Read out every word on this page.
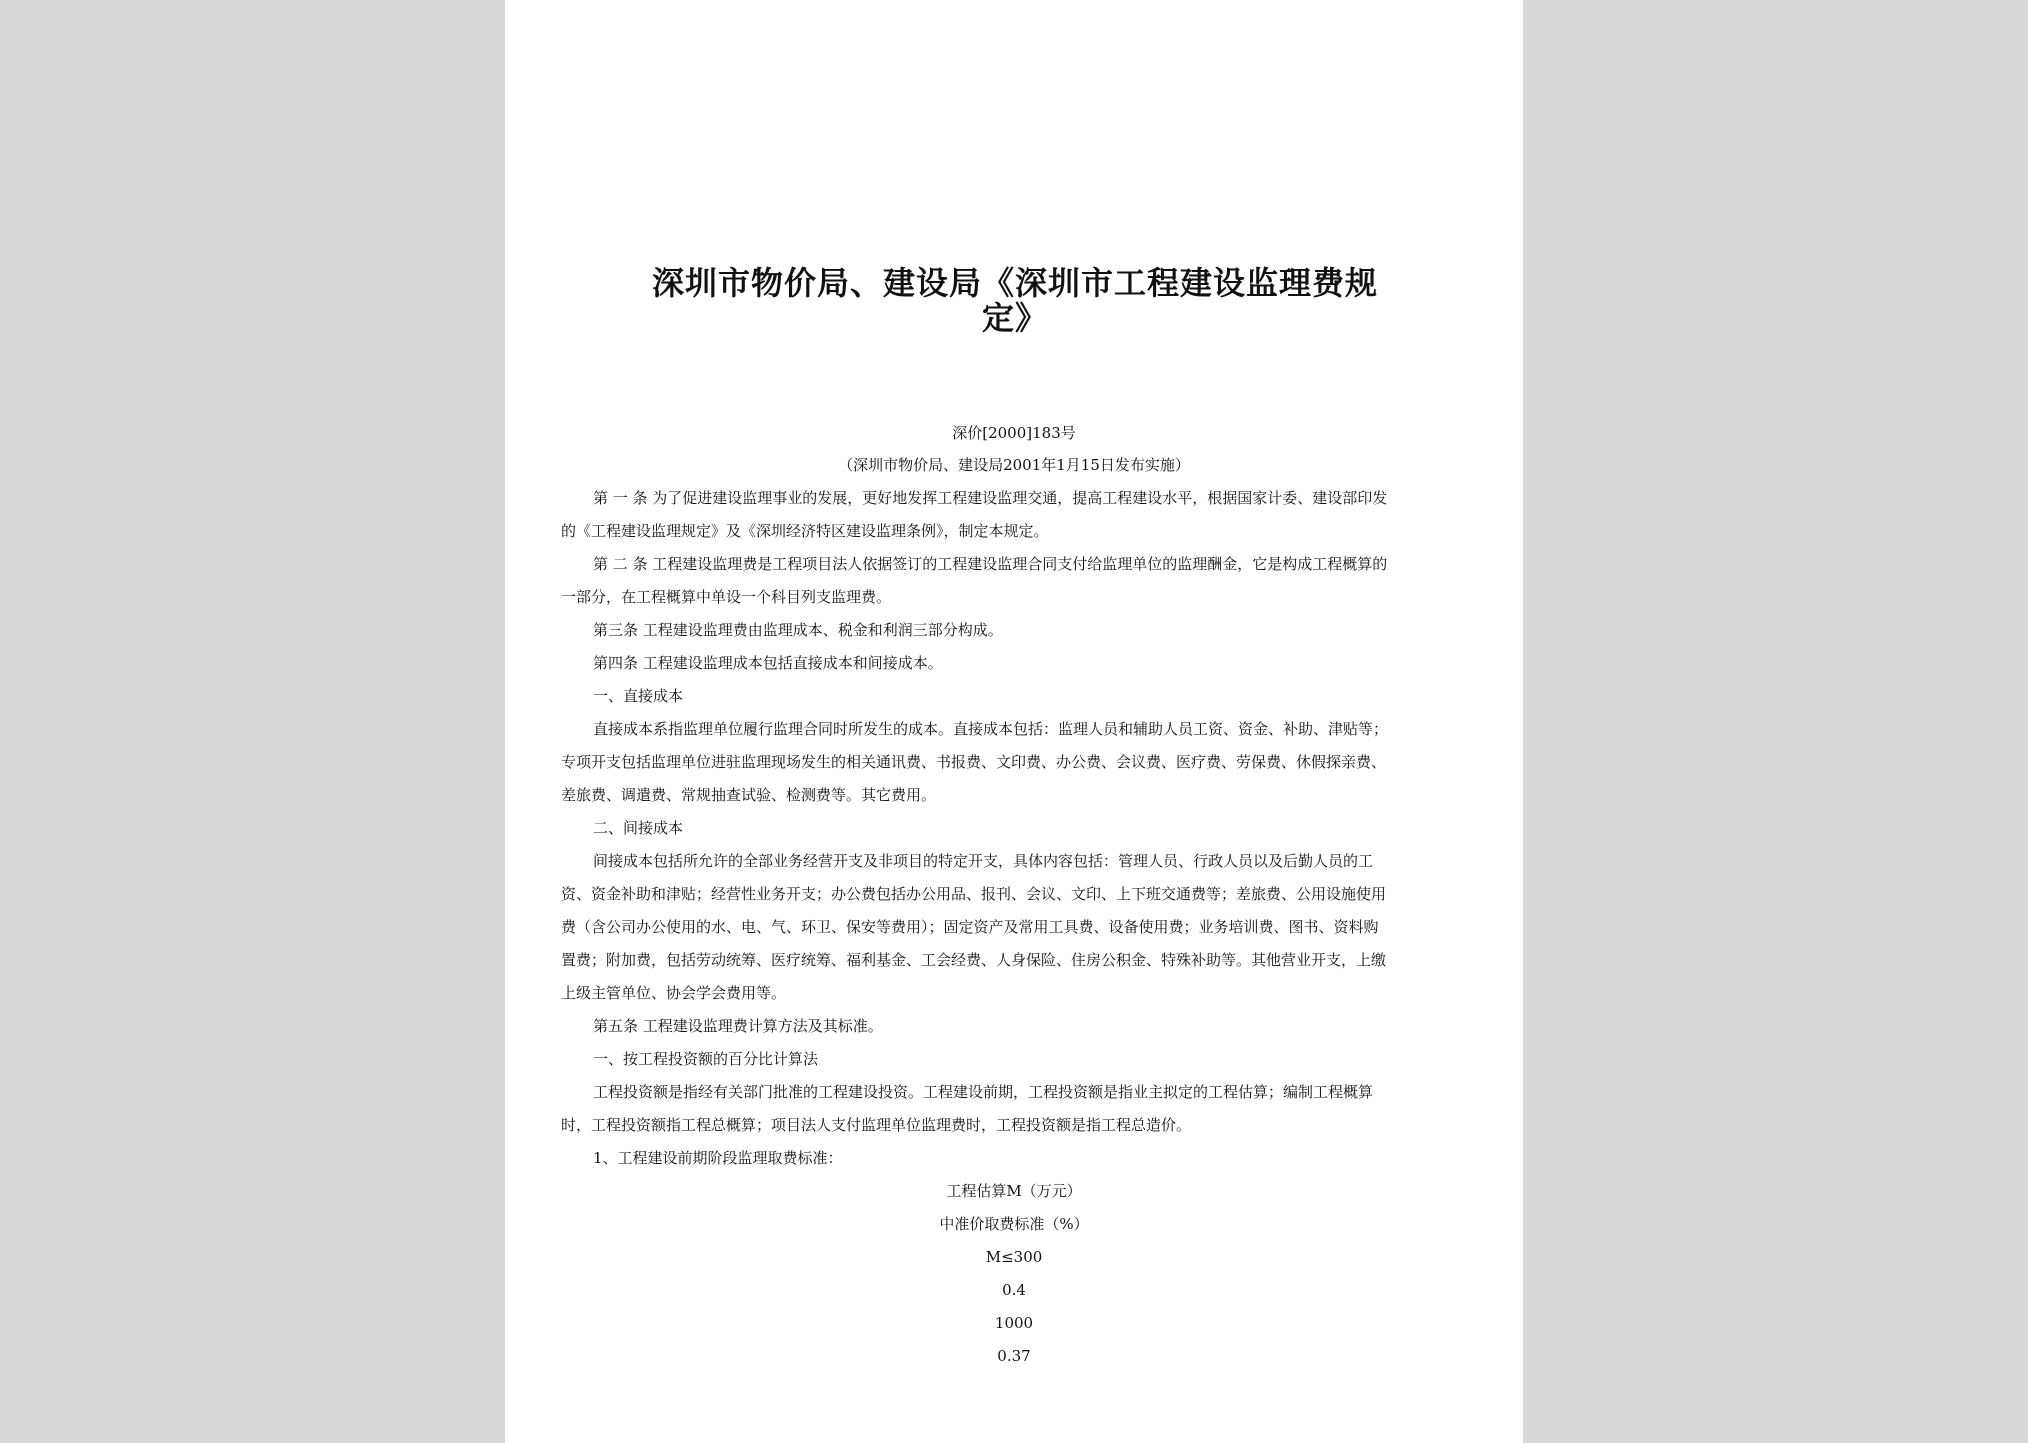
深圳市物价局、建设局《深圳市工程建设监理费规
定》
深价[2000]183号
（深圳市物价局、建设局2001年1月15日发布实施）
第 一 条 为了促进建设监理事业的发展，更好地发挥工程建设监理交通，提高工程建设水平，根据国家计委、建设部印发
的《工程建设监理规定》及《深圳经济特区建设监理条例》，制定本规定。
第 二 条 工程建设监理费是工程项目法人依据签订的工程建设监理合同支付给监理单位的监理酬金，它是构成工程概算的
一部分，在工程概算中单设一个科目列支监理费。
第三条 工程建设监理费由监理成本、税金和利润三部分构成。
第四条 工程建设监理成本包括直接成本和间接成本。
一、直接成本
直接成本系指监理单位履行监理合同时所发生的成本。直接成本包括：监理人员和辅助人员工资、资金、补助、津贴等；
专项开支包括监理单位进驻监理现场发生的相关通讯费、书报费、文印费、办公费、会议费、医疗费、劳保费、休假探亲费、
差旅费、调遣费、常规抽查试验、检测费等。其它费用。
二、间接成本
间接成本包括所允许的全部业务经营开支及非项目的特定开支，具体内容包括：管理人员、行政人员以及后勤人员的工
资、资金补助和津贴；经营性业务开支；办公费包括办公用品、报刊、会议、文印、上下班交通费等；差旅费、公用设施使用
费（含公司办公使用的水、电、气、环卫、保安等费用）；固定资产及常用工具费、设备使用费；业务培训费、图书、资料购
置费；附加费，包括劳动统筹、医疗统筹、福利基金、工会经费、人身保险、住房公积金、特殊补助等。其他营业开支，上缴
上级主管单位、协会学会费用等。
第五条 工程建设监理费计算方法及其标准。
一、按工程投资额的百分比计算法
工程投资额是指经有关部门批准的工程建设投资。工程建设前期，工程投资额是指业主拟定的工程估算；编制工程概算
时，工程投资额指工程总概算；项目法人支付监理单位监理费时，工程投资额是指工程总造价。
1、工程建设前期阶段监理取费标准：
工程估算M（万元）
中准价取费标准（%）
M≤300
0.4
1000
0.37
